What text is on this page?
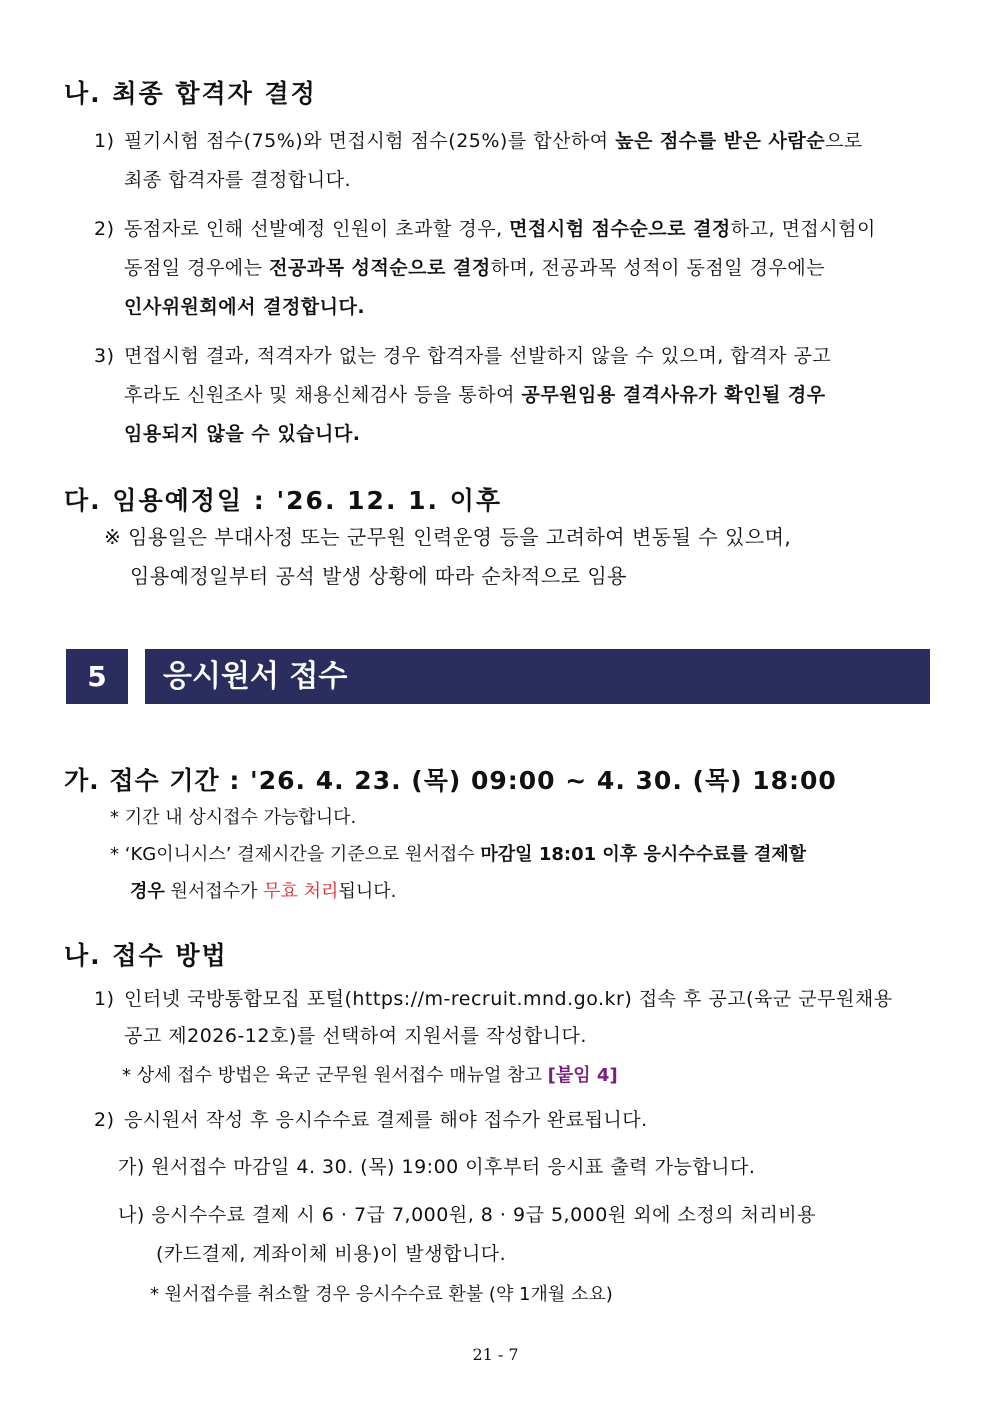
나. 최종 합격자 결정
1) 필기시험 점수(75%)와 면접시험 점수(25%)를 합산하여 높은 점수를 받은 사람순으로
최종 합격자를 결정합니다.
2) 동점자로 인해 선발예정 인원이 초과할 경우, 면접시험 점수순으로 결정하고, 면접시험이
동점일 경우에는 전공과목 성적순으로 결정하며, 전공과목 성적이 동점일 경우에는
인사위원회에서 결정합니다.
3) 면접시험 결과, 적격자가 없는 경우 합격자를 선발하지 않을 수 있으며, 합격자 공고
후라도 신원조사 및 채용신체검사 등을 통하여 공무원임용 결격사유가 확인될 경우
임용되지 않을 수 있습니다.
다. 임용예정일 : '26. 12. 1. 이후
※ 임용일은 부대사정 또는 군무원 인력운영 등을 고려하여 변동될 수 있으며,
임용예정일부터 공석 발생 상황에 따라 순차적으로 임용
5	응시원서 접수
가. 접수 기간 : '26. 4. 23. (목) 09:00 ~ 4. 30. (목) 18:00
* 기간 내 상시접수 가능합니다.
* ‘KG이니시스’ 결제시간을 기준으로 원서접수 마감일 18:01 이후 응시수수료를 결제할
경우 원서접수가 무효 처리됩니다.
나. 접수 방법
1) 인터넷 국방통합모집 포털(https://m-recruit.mnd.go.kr) 접속 후 공고(육군 군무원채용
공고 제2026-12호)를 선택하여 지원서를 작성합니다.
* 상세 접수 방법은 육군 군무원 원서접수 매뉴얼 참고 [붙임 4]
2) 응시원서 작성 후 응시수수료 결제를 해야 접수가 완료됩니다.
가) 원서접수 마감일 4. 30. (목) 19:00 이후부터 응시표 출력 가능합니다.
나) 응시수수료 결제 시 6 · 7급 7,000원, 8 · 9급 5,000원 외에 소정의 처리비용
(카드결제, 계좌이체 비용)이 발생합니다.
* 원서접수를 취소할 경우 응시수수료 환불 (약 1개월 소요)
21 - 7
